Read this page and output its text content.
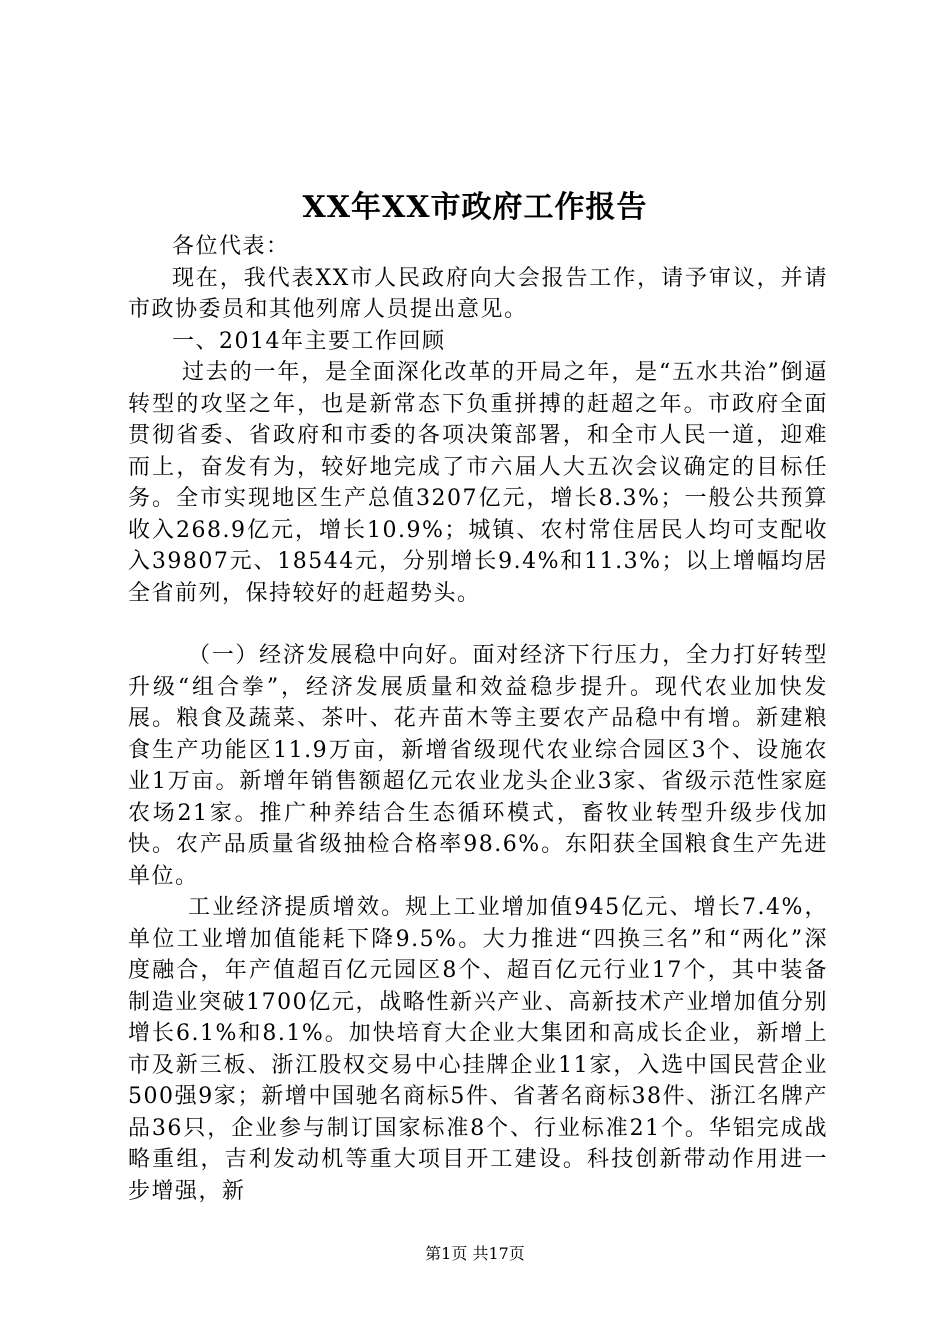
XX年XX市政府工作报告

各位代表：

现在，我代表XX市人民政府向大会报告工作，请予审议，并请市政协委员和其他列席人员提出意见。

一、2014年主要工作回顾

过去的一年，是全面深化改革的开局之年，是“五水共治”倒逼转型的攻坚之年，也是新常态下负重拼搏的赶超之年。市政府全面贯彻省委、省政府和市委的各项决策部署，和全市人民一道，迎难而上，奋发有为，较好地完成了市六届人大五次会议确定的目标任务。全市实现地区生产总值3207亿元，增长8.3%；一般公共预算收入268.9亿元，增长10.9%；城镇、农村常住居民人均可支配收入39807元、18544元，分别增长9.4%和11.3%；以上增幅均居全省前列，保持较好的赶超势头。

（一）经济发展稳中向好。面对经济下行压力，全力打好转型升级“组合拳”，经济发展质量和效益稳步提升。现代农业加快发展。粮食及蔬菜、茶叶、花卉苗木等主要农产品稳中有增。新建粮食生产功能区11.9万亩，新增省级现代农业综合园区3个、设施农业1万亩。新增年销售额超亿元农业龙头企业3家、省级示范性家庭农场21家。推广种养结合生态循环模式，畜牧业转型升级步伐加快。农产品质量省级抽检合格率98.6%。东阳获全国粮食生产先进单位。

工业经济提质增效。规上工业增加值945亿元、增长7.4%，单位工业增加值能耗下降9.5%。大力推进“四换三名”和“两化”深度融合，年产值超百亿元园区8个、超百亿元行业17个，其中装备制造业突破1700亿元，战略性新兴产业、高新技术产业增加值分别增长6.1%和8.1%。加快培育大企业大集团和高成长企业，新增上市及新三板、浙江股权交易中心挂牌企业11家，入选中国民营企业500强9家；新增中国驰名商标5件、省著名商标38件、浙江名牌产品36只，企业参与制订国家标准8个、行业标准21个。华铝完成战略重组，吉利发动机等重大项目开工建设。科技创新带动作用进一步增强，新

第1页 共17页
